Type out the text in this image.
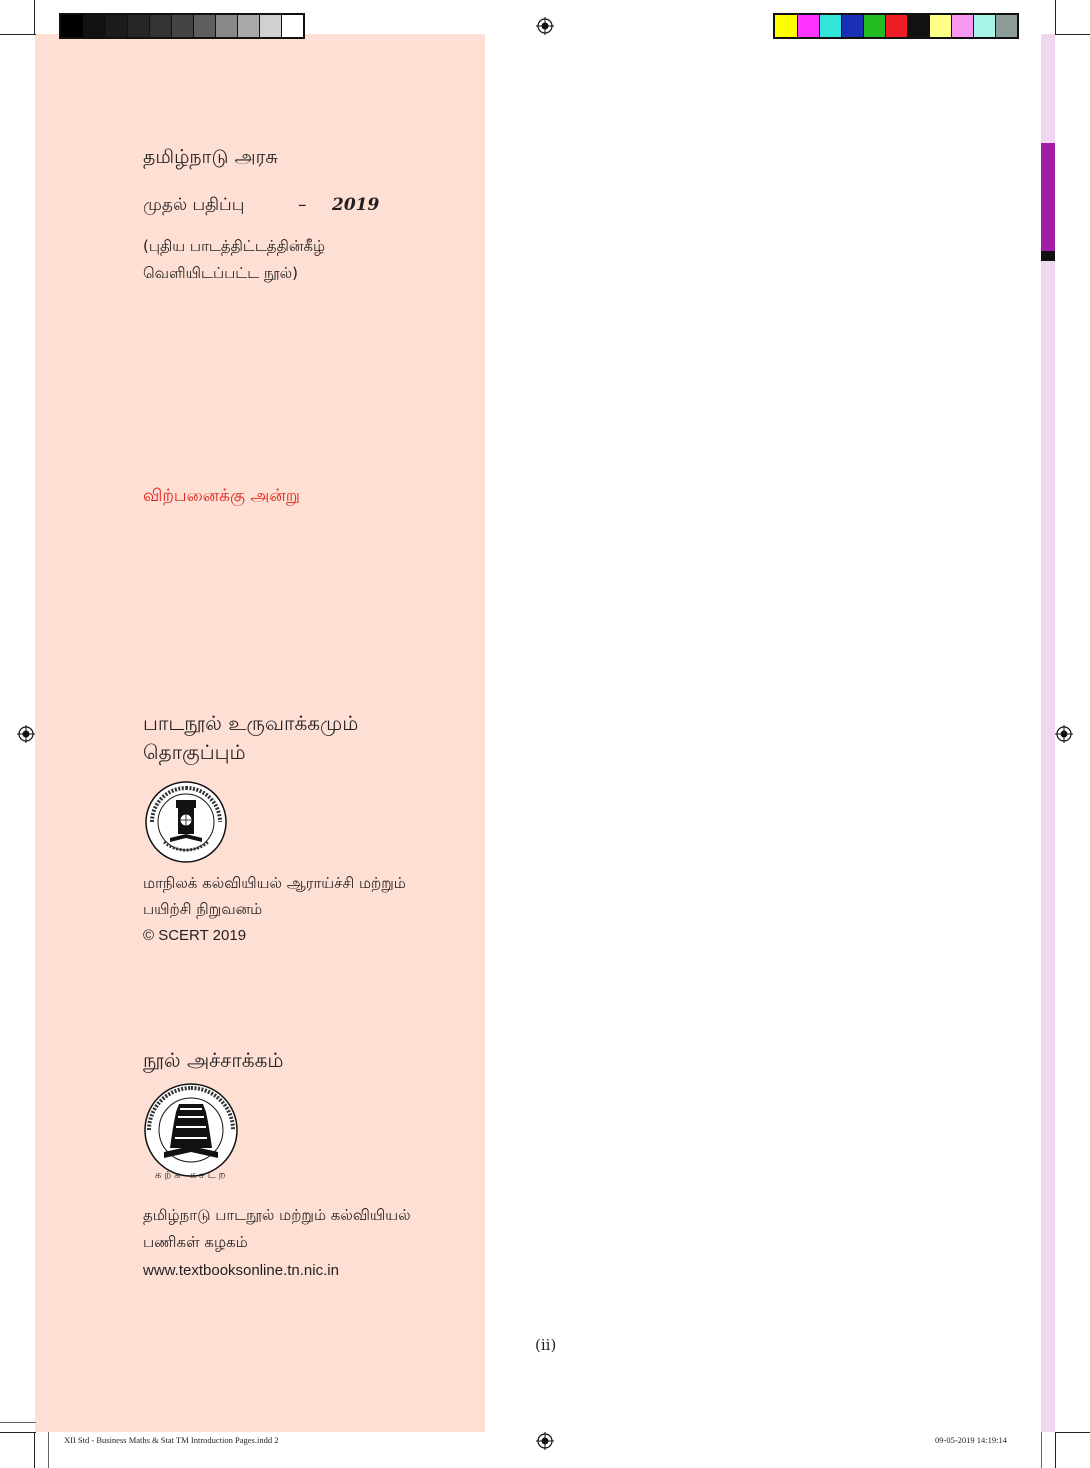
தமிழ்நாடு அரசு
முதல் பதிப்பு	– 2019
(புதிய பாடத்திட்டத்தின்கீழ்
வெளியிடப்பட்ட நூல்)
விற்பனைக்கு அன்று
பாடநூல் உருவாக்கமும்
தொகுப்பும்
மாநிலக் கல்வியியல் ஆராய்ச்சி மற்றும்
பயிற்சி நிறுவனம்
© SCERT 2019
நூல் அச்சாக்கம்
கற்க கசடற
தமிழ்நாடு பாடநூல் மற்றும் கல்வியியல்
பணிகள் கழகம்
www.textbooksonline.tn.nic.in
(ii)
XII Std - Business Maths & Stat TM Introduction Pages.indd 2	09-05-2019 14:19:14
